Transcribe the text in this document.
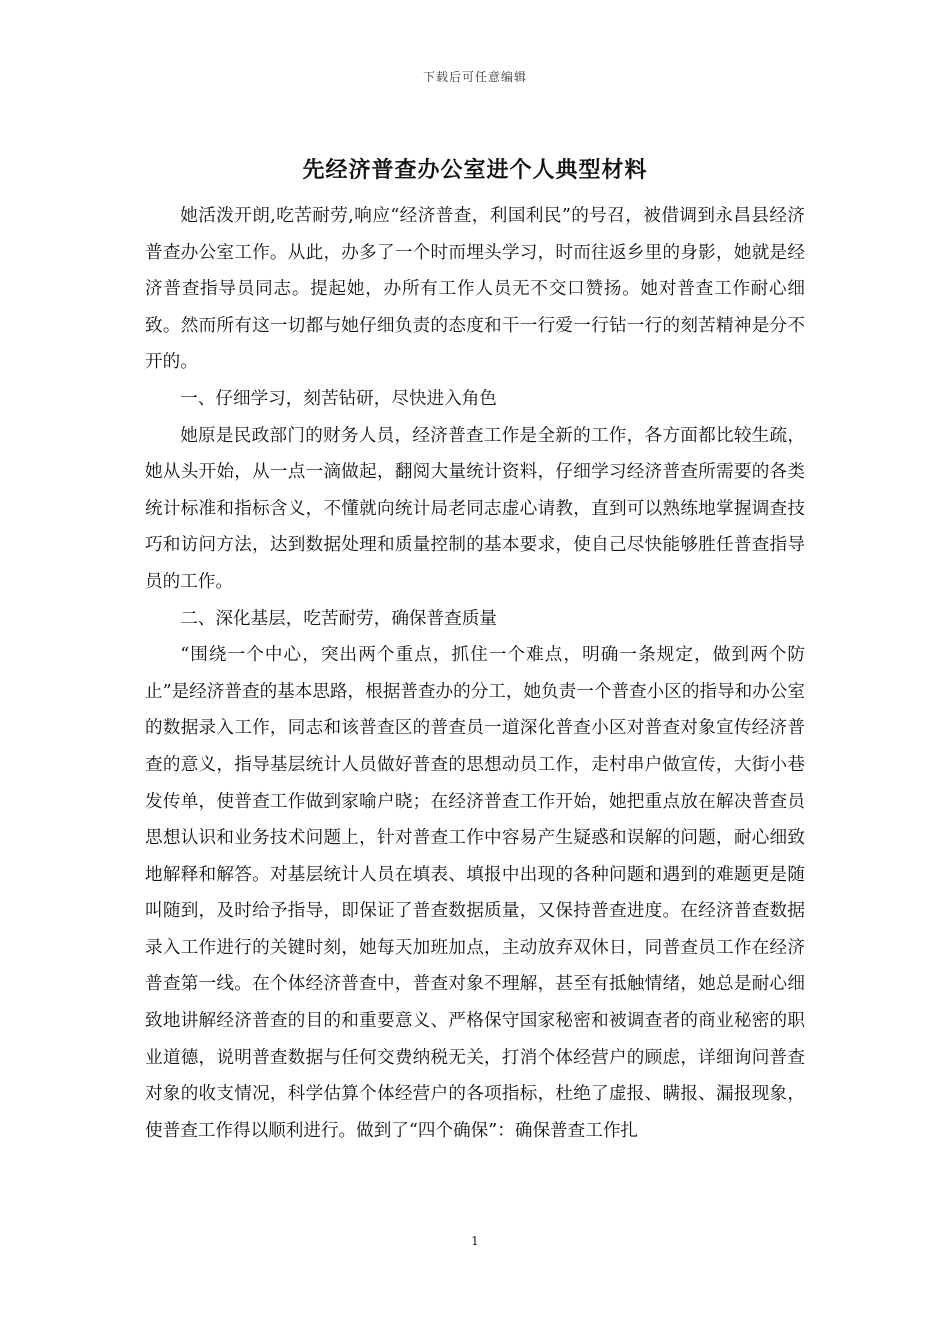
下载后可任意编辑
先经济普查办公室进个人典型材料

她活泼开朗,吃苦耐劳,响应“经济普查，利国利民”的号召，被借调到永昌县经济普查办公室工作。从此，办多了一个时而埋头学习，时而往返乡里的身影，她就是经济普查指导员同志。提起她，办所有工作人员无不交口赞扬。她对普查工作耐心细致。然而所有这一切都与她仔细负责的态度和干一行爱一行钻一行的刻苦精神是分不开的。

一、仔细学习，刻苦钻研，尽快进入角色

她原是民政部门的财务人员，经济普查工作是全新的工作，各方面都比较生疏，她从头开始，从一点一滴做起，翻阅大量统计资料，仔细学习经济普查所需要的各类统计标准和指标含义，不懂就向统计局老同志虚心请教，直到可以熟练地掌握调查技巧和访问方法，达到数据处理和质量控制的基本要求，使自己尽快能够胜任普查指导员的工作。

二、深化基层，吃苦耐劳，确保普查质量

“围绕一个中心，突出两个重点，抓住一个难点，明确一条规定，做到两个防止”是经济普查的基本思路，根据普查办的分工，她负责一个普查小区的指导和办公室的数据录入工作，同志和该普查区的普查员一道深化普查小区对普查对象宣传经济普查的意义，指导基层统计人员做好普查的思想动员工作，走村串户做宣传，大街小巷发传单，使普查工作做到家喻户晓；在经济普查工作开始，她把重点放在解决普查员思想认识和业务技术问题上，针对普查工作中容易产生疑惑和误解的问题，耐心细致地解释和解答。对基层统计人员在填表、填报中出现的各种问题和遇到的难题更是随叫随到，及时给予指导，即保证了普查数据质量，又保持普查进度。在经济普查数据录入工作进行的关键时刻，她每天加班加点，主动放弃双休日，同普查员工作在经济普查第一线。在个体经济普查中，普查对象不理解，甚至有抵触情绪，她总是耐心细致地讲解经济普查的目的和重要意义、严格保守国家秘密和被调查者的商业秘密的职业道德，说明普查数据与任何交费纳税无关，打消个体经营户的顾虑，详细询问普查对象的收支情况，科学估算个体经营户的各项指标，杜绝了虚报、瞒报、漏报现象，使普查工作得以顺利进行。做到了“四个确保”：确保普查工作扎

1
